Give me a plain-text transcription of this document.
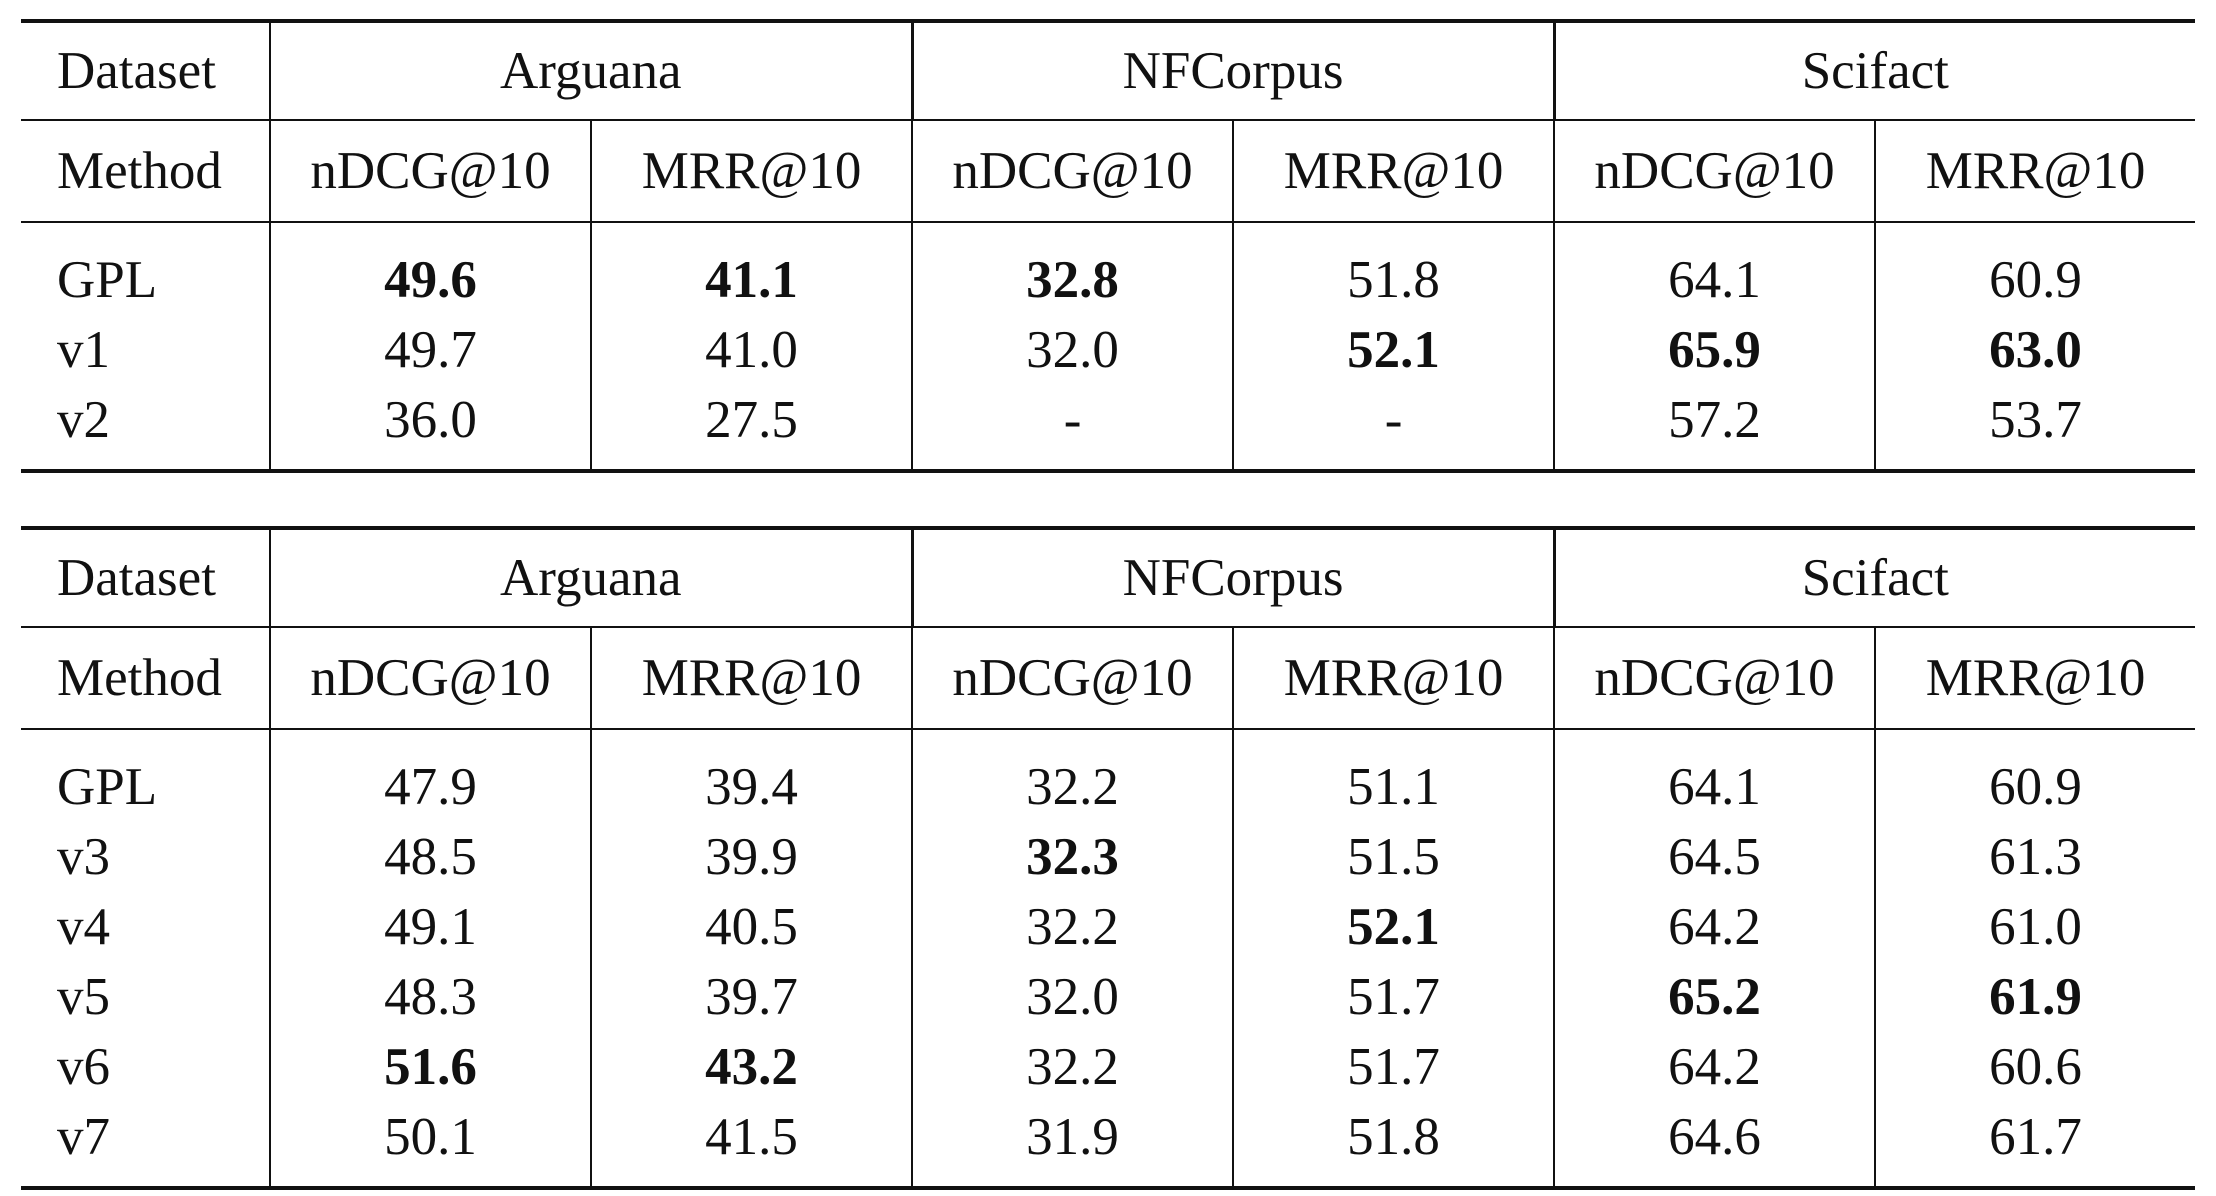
Dataset	Arguana		NFCorpus		Scifact	
Method	nDCG@10	MRR@10	nDCG@10	MRR@10	nDCG@10	MRR@10
GPL	49.6	41.1	32.8	51.8	64.1	60.9
v1	49.7	41.0	32.0	52.1	65.9	63.0
v2	36.0	27.5	-	-	57.2	53.7
Dataset	Arguana		NFCorpus		Scifact	
Method	nDCG@10	MRR@10	nDCG@10	MRR@10	nDCG@10	MRR@10
GPL	47.9	39.4	32.2	51.1	64.1	60.9
v3	48.5	39.9	32.3	51.5	64.5	61.3
v4	49.1	40.5	32.2	52.1	64.2	61.0
v5	48.3	39.7	32.0	51.7	65.2	61.9
v6	51.6	43.2	32.2	51.7	64.2	60.6
v7	50.1	41.5	31.9	51.8	64.6	61.7
